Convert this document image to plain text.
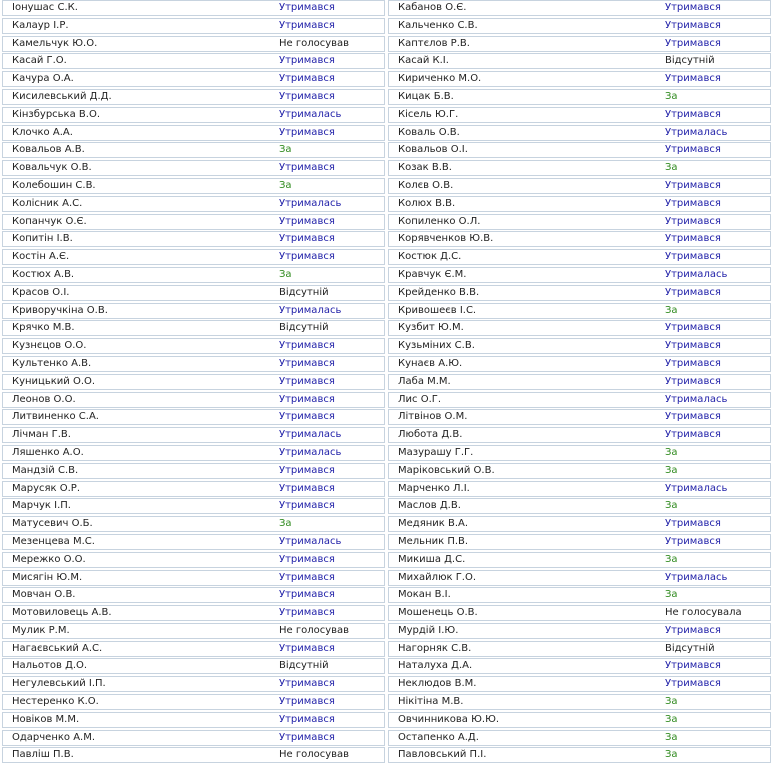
Іонушас С.К.	Утримався
Калаур І.Р.	Утримався
Камельчук Ю.О.	Не голосував
Касай Г.О.	Утримався
Качура О.А.	Утримався
Кисилевський Д.Д.	Утримався
Кінзбурська В.О.	Утрималась
Клочко А.А.	Утримався
Ковальов А.В.	За
Ковальчук О.В.	Утримався
Колебошин С.В.	За
Колісник А.С.	Утрималась
Копанчук О.Є.	Утримався
Копитін І.В.	Утримався
Костін А.Є.	Утримався
Костюх А.В.	За
Красов О.І.	Відсутній
Криворучкіна О.В.	Утрималась
Крячко М.В.	Відсутній
Кузнєцов О.О.	Утримався
Культенко А.В.	Утримався
Куницький О.О.	Утримався
Леонов О.О.	Утримався
Литвиненко С.А.	Утримався
Лічман Г.В.	Утрималась
Ляшенко А.О.	Утрималась
Мандзій С.В.	Утримався
Марусяк О.Р.	Утримався
Марчук І.П.	Утримався
Матусевич О.Б.	За
Мезенцева М.С.	Утрималась
Мережко О.О.	Утримався
Мисягін Ю.М.	Утримався
Мовчан О.В.	Утримався
Мотовиловець А.В.	Утримався
Мулик Р.М.	Не голосував
Нагаєвський А.С.	Утримався
Нальотов Д.О.	Відсутній
Негулевський І.П.	Утримався
Нестеренко К.О.	Утримався
Новіков М.М.	Утримався
Одарченко А.М.	Утримався
Павліш П.В.	Не голосував
Кабанов О.Є.	Утримався
Кальченко С.В.	Утримався
Каптєлов Р.В.	Утримався
Касай К.І.	Відсутній
Кириченко М.О.	Утримався
Кицак Б.В.	За
Кісель Ю.Г.	Утримався
Коваль О.В.	Утрималась
Ковальов О.І.	Утримався
Козак В.В.	За
Колєв О.В.	Утримався
Колюх В.В.	Утримався
Копиленко О.Л.	Утримався
Корявченков Ю.В.	Утримався
Костюк Д.С.	Утримався
Кравчук Є.М.	Утрималась
Крейденко В.В.	Утримався
Кривошеєв І.С.	За
Кузбит Ю.М.	Утримався
Кузьміних С.В.	Утримався
Кунаєв А.Ю.	Утримався
Лаба М.М.	Утримався
Лис О.Г.	Утрималась
Літвінов О.М.	Утримався
Любота Д.В.	Утримався
Мазурашу Г.Г.	За
Маріковський О.В.	За
Марченко Л.І.	Утрималась
Маслов Д.В.	За
Медяник В.А.	Утримався
Мельник П.В.	Утримався
Микиша Д.С.	За
Михайлюк Г.О.	Утрималась
Мокан В.І.	За
Мошенець О.В.	Не голосувала
Мурдій І.Ю.	Утримався
Нагорняк С.В.	Відсутній
Наталуха Д.А.	Утримався
Неклюдов В.М.	Утримався
Нікітіна М.В.	За
Овчинникова Ю.Ю.	За
Остапенко А.Д.	За
Павловський П.І.	За
